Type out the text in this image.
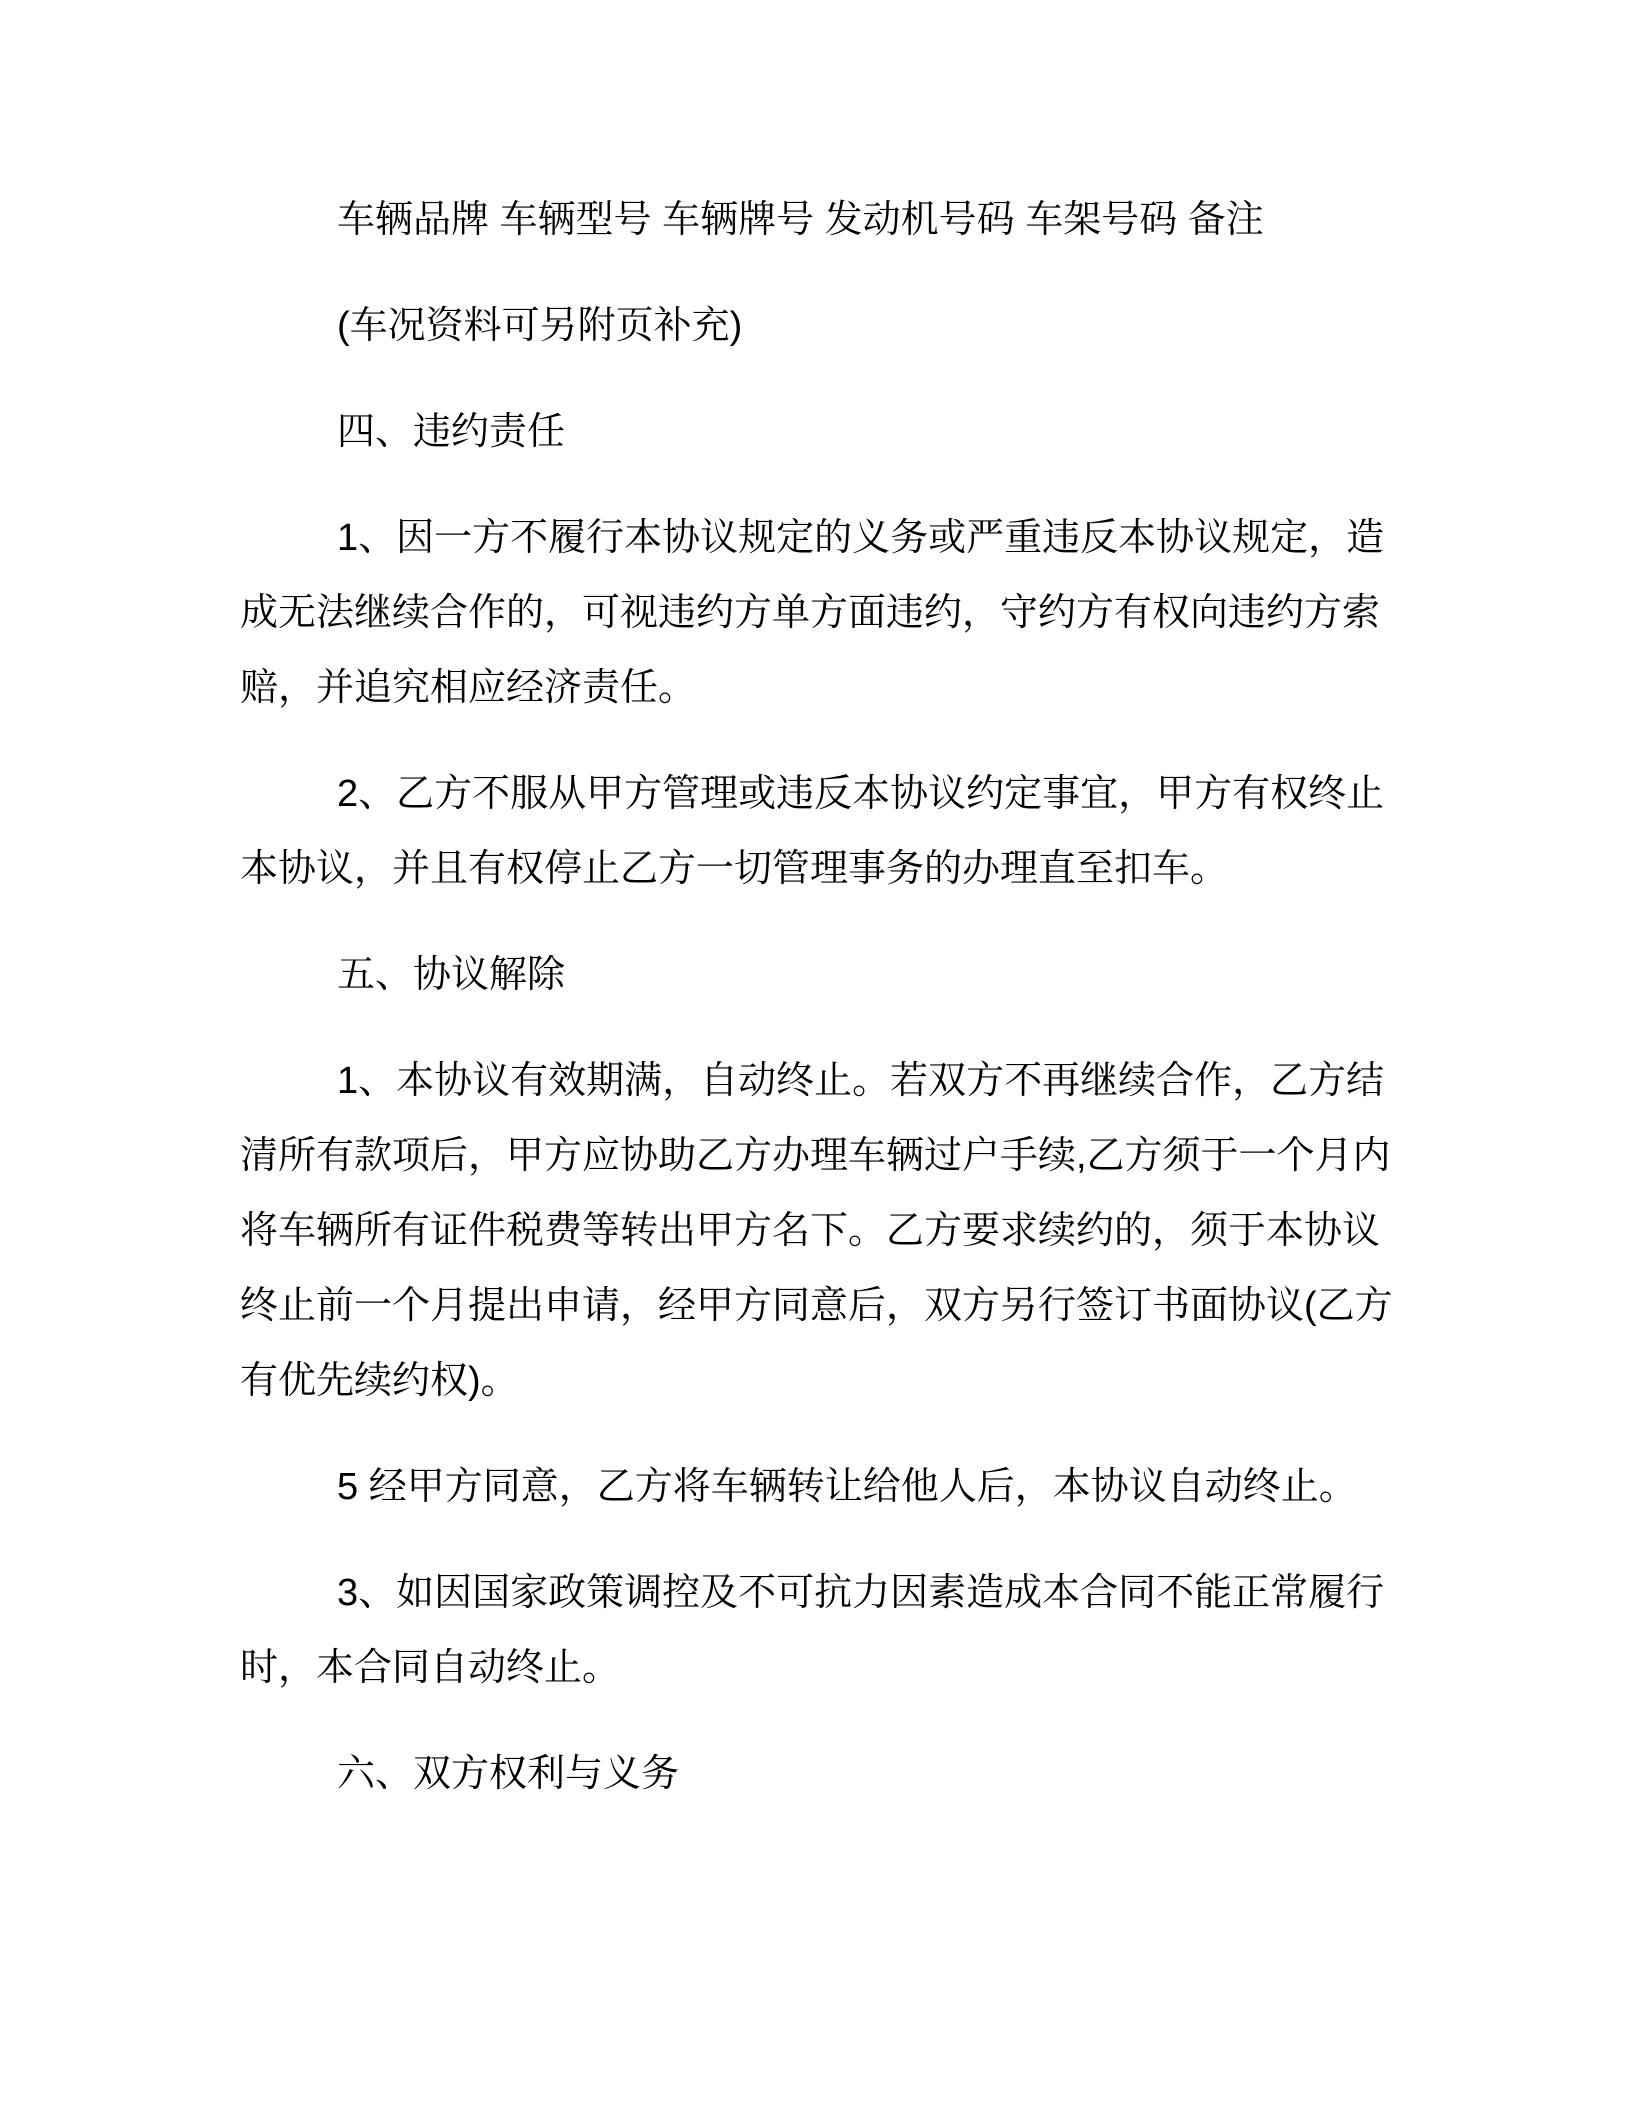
车辆品牌 车辆型号 车辆牌号 发动机号码 车架号码 备注
(车况资料可另附页补充)
四、违约责任
1、因一方不履行本协议规定的义务或严重违反本协议规定，造
成无法继续合作的，可视违约方单方面违约，守约方有权向违约方索
赔，并追究相应经济责任。
2、乙方不服从甲方管理或违反本协议约定事宜，甲方有权终止
本协议，并且有权停止乙方一切管理事务的办理直至扣车。
五、协议解除
1、本协议有效期满，自动终止。若双方不再继续合作，乙方结
清所有款项后，甲方应协助乙方办理车辆过户手续,乙方须于一个月内
将车辆所有证件税费等转出甲方名下。乙方要求续约的，须于本协议
终止前一个月提出申请，经甲方同意后，双方另行签订书面协议(乙方
有优先续约权)。
5 经甲方同意，乙方将车辆转让给他人后，本协议自动终止。
3、如因国家政策调控及不可抗力因素造成本合同不能正常履行
时，本合同自动终止。
六、双方权利与义务
